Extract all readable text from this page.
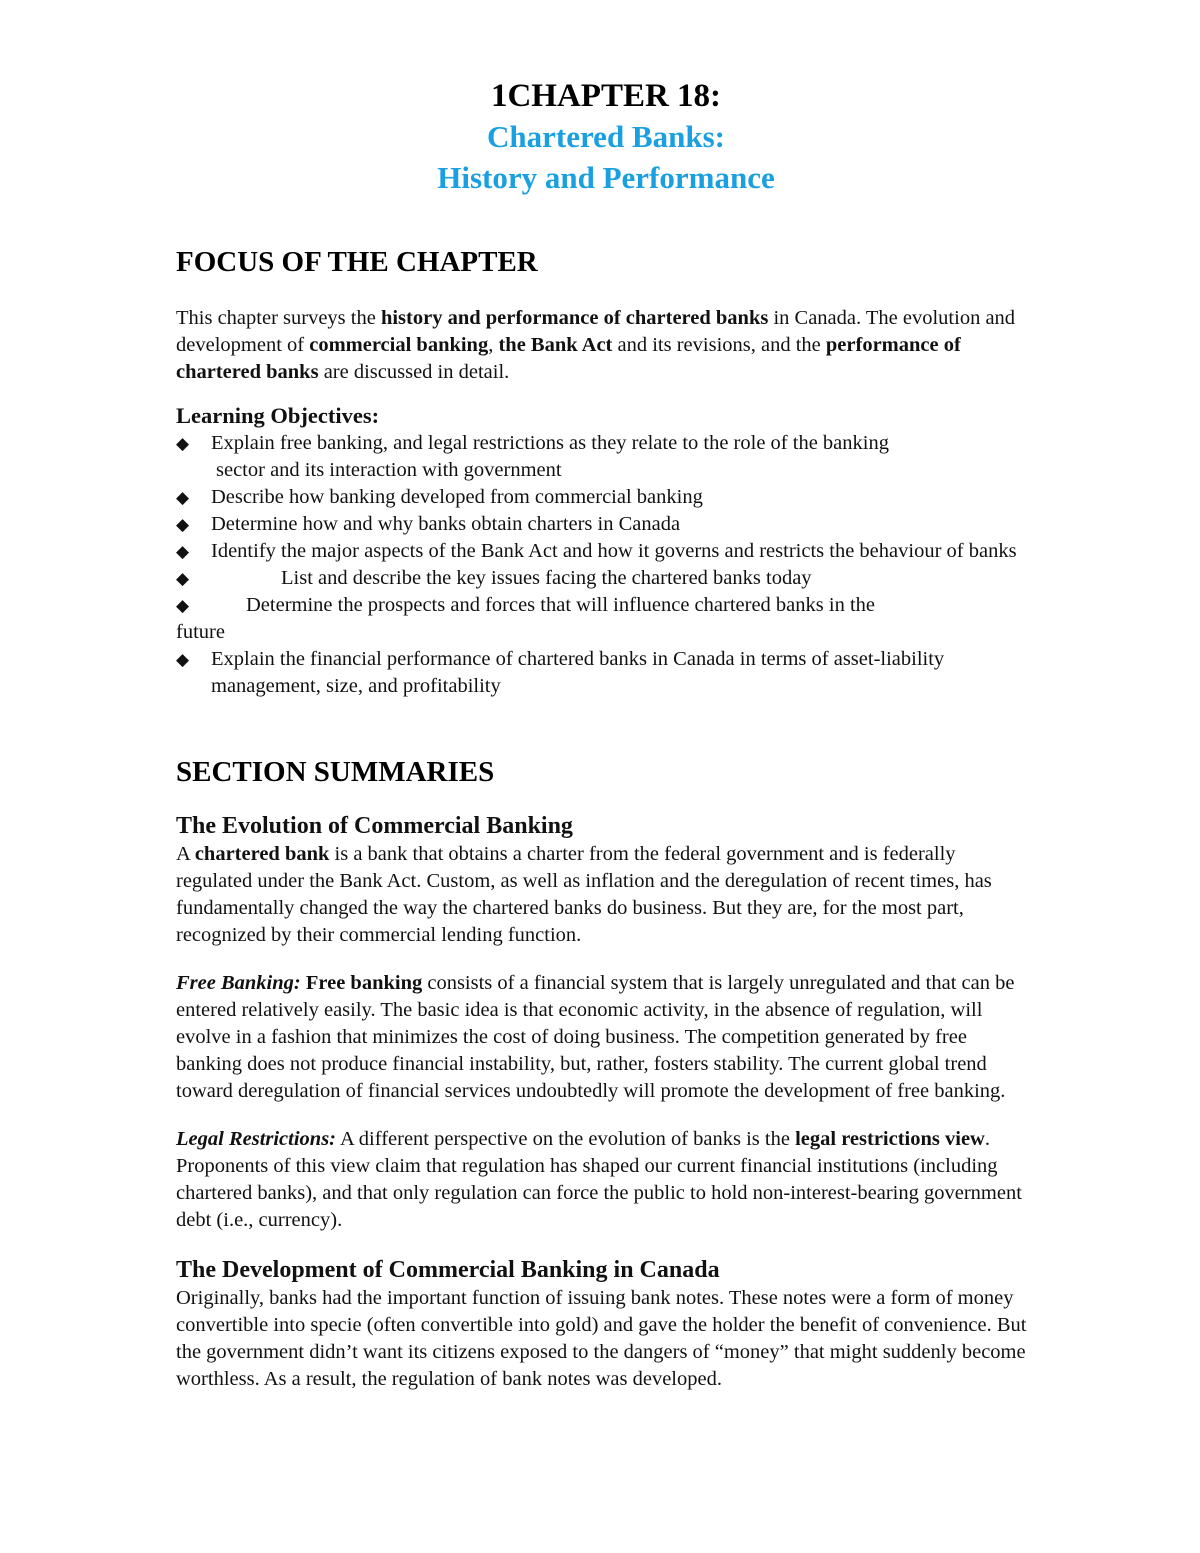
1CHAPTER 18:
Chartered Banks:
History and Performance
FOCUS OF THE CHAPTER

This chapter surveys the history and performance of chartered banks in Canada. The evolution and development of commercial banking, the Bank Act and its revisions, and the performance of chartered banks are discussed in detail.

Learning Objectives:
◆ Explain free banking, and legal restrictions as they relate to the role of the banking
sector and its interaction with government
◆ Describe how banking developed from commercial banking
◆ Determine how and why banks obtain charters in Canada
◆ Identify the major aspects of the Bank Act and how it governs and restricts the behaviour of banks
◆	List and describe the key issues facing the chartered banks today
◆	Determine the prospects and forces that will influence chartered banks in the
future
◆ Explain the financial performance of chartered banks in Canada in terms of asset-liability management, size, and profitability
SECTION SUMMARIES
The Evolution of Commercial Banking

A chartered bank is a bank that obtains a charter from the federal government and is federally regulated under the Bank Act. Custom, as well as inflation and the deregulation of recent times, has fundamentally changed the way the chartered banks do business. But they are, for the most part, recognized by their commercial lending function.

Free Banking: Free banking consists of a financial system that is largely unregulated and that can be entered relatively easily. The basic idea is that economic activity, in the absence of regulation, will evolve in a fashion that minimizes the cost of doing business. The competition generated by free banking does not produce financial instability, but, rather, fosters stability. The current global trend toward deregulation of financial services undoubtedly will promote the development of free banking.

Legal Restrictions: A different perspective on the evolution of banks is the legal restrictions view. Proponents of this view claim that regulation has shaped our current financial institutions (including chartered banks), and that only regulation can force the public to hold non-interest-bearing government debt (i.e., currency).

The Development of Commercial Banking in Canada

Originally, banks had the important function of issuing bank notes. These notes were a form of money convertible into specie (often convertible into gold) and gave the holder the benefit of convenience. But the government didn’t want its citizens exposed to the dangers of “money” that might suddenly become worthless. As a result, the regulation of bank notes was developed.
